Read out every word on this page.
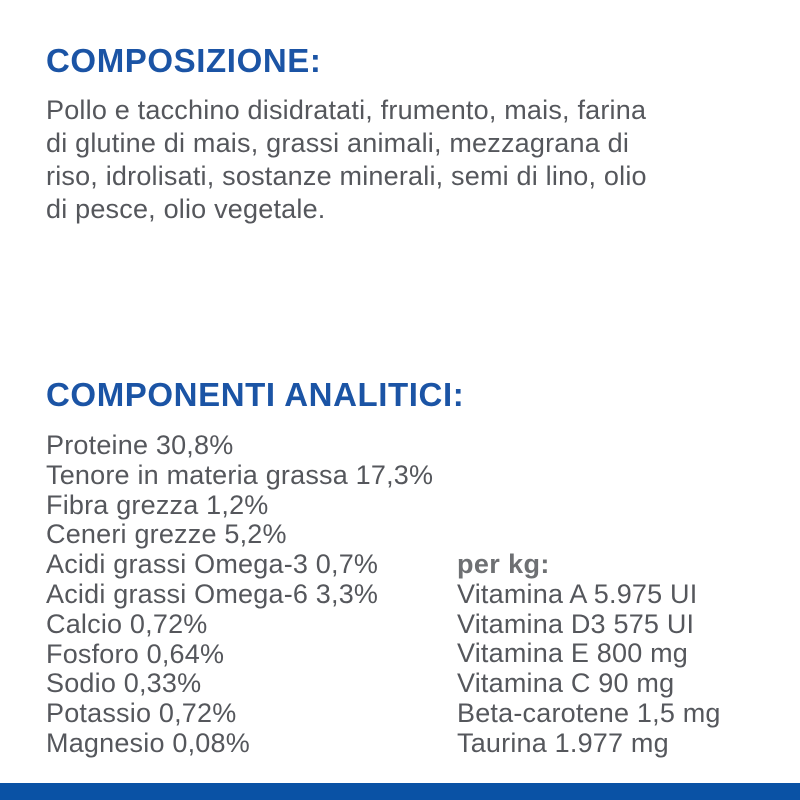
COMPOSIZIONE:

Pollo e tacchino disidratati, frumento, mais, farina
di glutine di mais, grassi animali, mezzagrana di
riso, idrolisati, sostanze minerali, semi di lino, olio
di pesce, olio vegetale.

COMPONENTI ANALITICI:
Proteine 30,8%
Tenore in materia grassa 17,3%
Fibra grezza 1,2%
Ceneri grezze 5,2%
Acidi grassi Omega-3 0,7%
Acidi grassi Omega-6 3,3%
Calcio 0,72%
Fosforo 0,64%
Sodio 0,33%
Potassio 0,72%
Magnesio 0,08%
per kg:
Vitamina A 5.975 UI
Vitamina D3 575 UI
Vitamina E 800 mg
Vitamina C 90 mg
Beta-carotene 1,5 mg
Taurina 1.977 mg
